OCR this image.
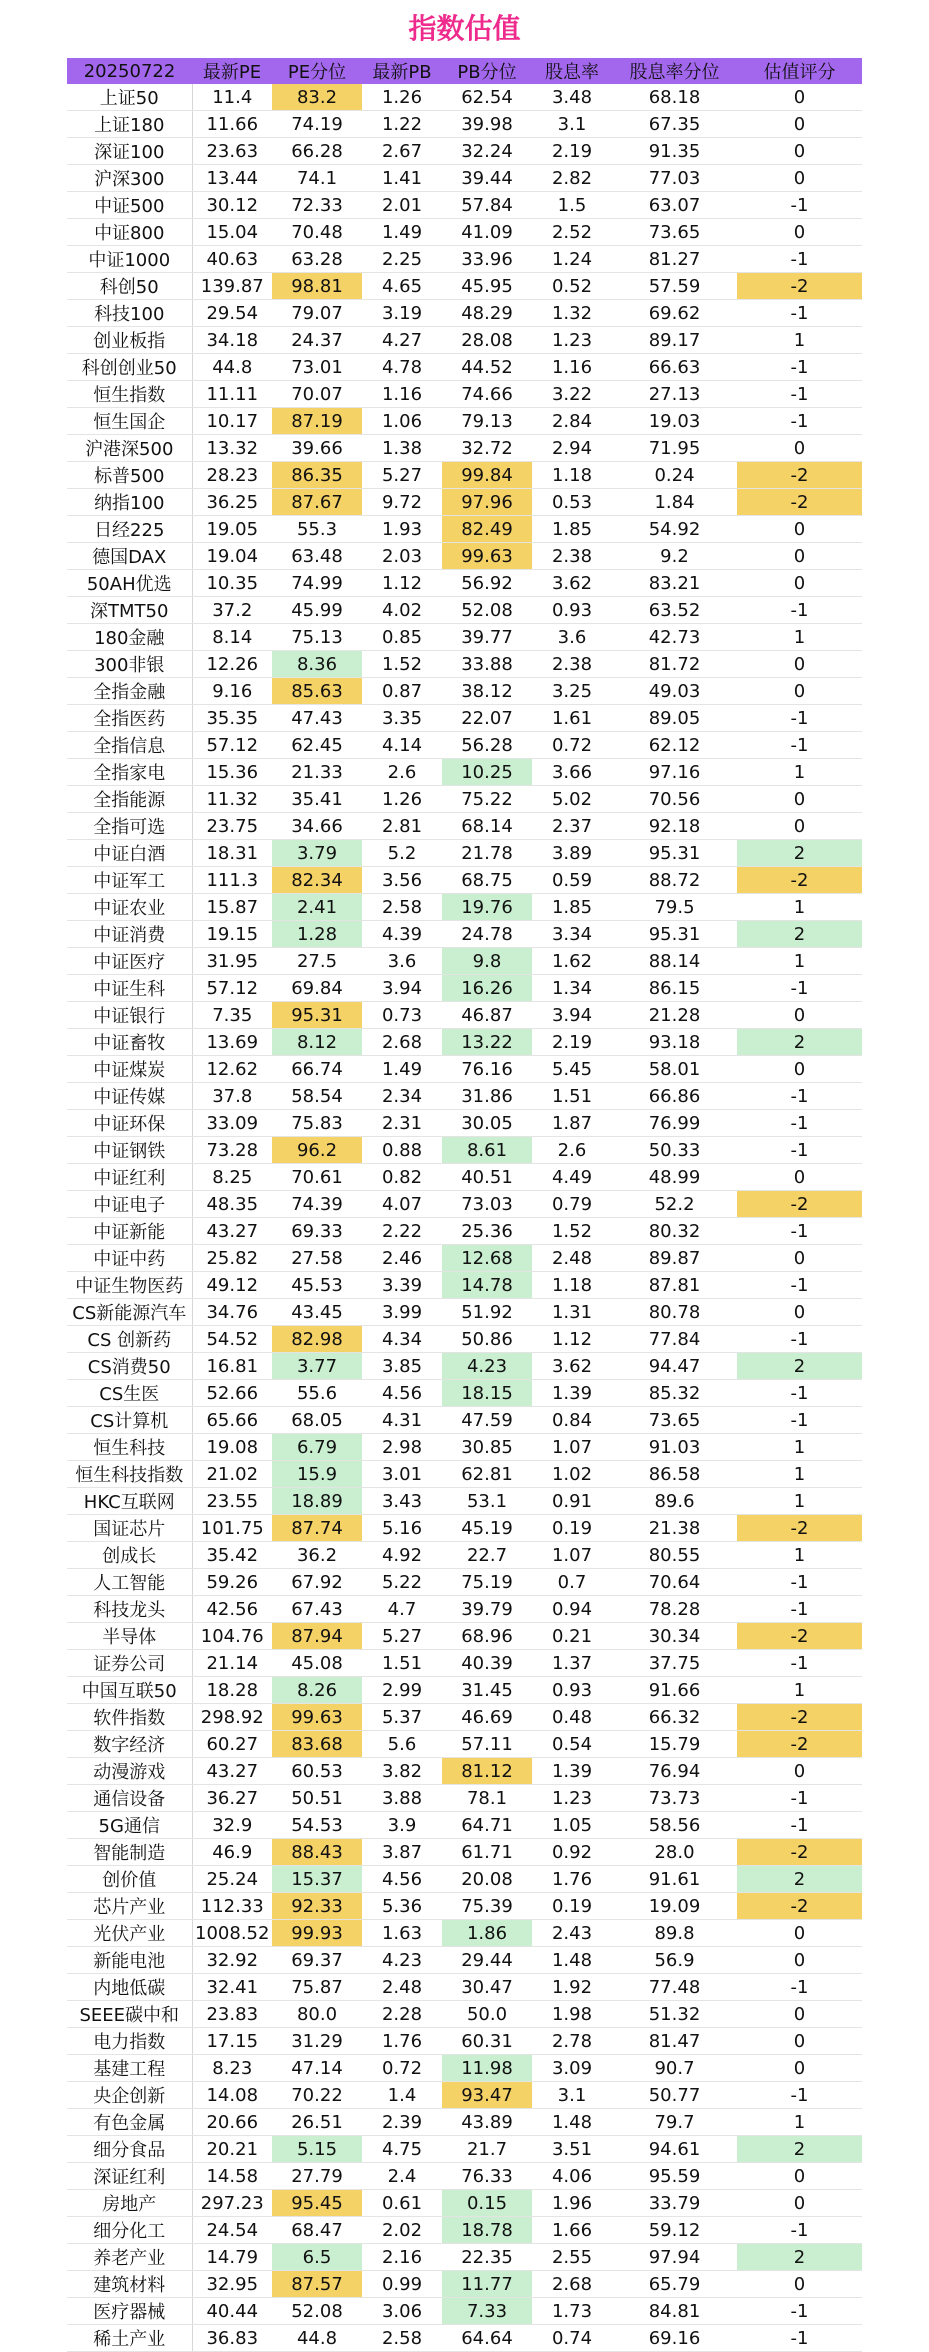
指数估值
20250722	最新PE	PE分位	最新PB	PB分位	股息率	股息率分位	估值评分
上证50	11.4	83.2	1.26	62.54	3.48	68.18	0
上证180	11.66	74.19	1.22	39.98	3.1	67.35	0
深证100	23.63	66.28	2.67	32.24	2.19	91.35	0
沪深300	13.44	74.1	1.41	39.44	2.82	77.03	0
中证500	30.12	72.33	2.01	57.84	1.5	63.07	-1
中证800	15.04	70.48	1.49	41.09	2.52	73.65	0
中证1000	40.63	63.28	2.25	33.96	1.24	81.27	-1
科创50	139.87	98.81	4.65	45.95	0.52	57.59	-2
科技100	29.54	79.07	3.19	48.29	1.32	69.62	-1
创业板指	34.18	24.37	4.27	28.08	1.23	89.17	1
科创创业50	44.8	73.01	4.78	44.52	1.16	66.63	-1
恒生指数	11.11	70.07	1.16	74.66	3.22	27.13	-1
恒生国企	10.17	87.19	1.06	79.13	2.84	19.03	-1
沪港深500	13.32	39.66	1.38	32.72	2.94	71.95	0
标普500	28.23	86.35	5.27	99.84	1.18	0.24	-2
纳指100	36.25	87.67	9.72	97.96	0.53	1.84	-2
日经225	19.05	55.3	1.93	82.49	1.85	54.92	0
德国DAX	19.04	63.48	2.03	99.63	2.38	9.2	0
50AH优选	10.35	74.99	1.12	56.92	3.62	83.21	0
深TMT50	37.2	45.99	4.02	52.08	0.93	63.52	-1
180金融	8.14	75.13	0.85	39.77	3.6	42.73	1
300非银	12.26	8.36	1.52	33.88	2.38	81.72	0
全指金融	9.16	85.63	0.87	38.12	3.25	49.03	0
全指医药	35.35	47.43	3.35	22.07	1.61	89.05	-1
全指信息	57.12	62.45	4.14	56.28	0.72	62.12	-1
全指家电	15.36	21.33	2.6	10.25	3.66	97.16	1
全指能源	11.32	35.41	1.26	75.22	5.02	70.56	0
全指可选	23.75	34.66	2.81	68.14	2.37	92.18	0
中证白酒	18.31	3.79	5.2	21.78	3.89	95.31	2
中证军工	111.3	82.34	3.56	68.75	0.59	88.72	-2
中证农业	15.87	2.41	2.58	19.76	1.85	79.5	1
中证消费	19.15	1.28	4.39	24.78	3.34	95.31	2
中证医疗	31.95	27.5	3.6	9.8	1.62	88.14	1
中证生科	57.12	69.84	3.94	16.26	1.34	86.15	-1
中证银行	7.35	95.31	0.73	46.87	3.94	21.28	0
中证畜牧	13.69	8.12	2.68	13.22	2.19	93.18	2
中证煤炭	12.62	66.74	1.49	76.16	5.45	58.01	0
中证传媒	37.8	58.54	2.34	31.86	1.51	66.86	-1
中证环保	33.09	75.83	2.31	30.05	1.87	76.99	-1
中证钢铁	73.28	96.2	0.88	8.61	2.6	50.33	-1
中证红利	8.25	70.61	0.82	40.51	4.49	48.99	0
中证电子	48.35	74.39	4.07	73.03	0.79	52.2	-2
中证新能	43.27	69.33	2.22	25.36	1.52	80.32	-1
中证中药	25.82	27.58	2.46	12.68	2.48	89.87	0
中证生物医药	49.12	45.53	3.39	14.78	1.18	87.81	-1
CS新能源汽车	34.76	43.45	3.99	51.92	1.31	80.78	0
CS 创新药	54.52	82.98	4.34	50.86	1.12	77.84	-1
CS消费50	16.81	3.77	3.85	4.23	3.62	94.47	2
CS生医	52.66	55.6	4.56	18.15	1.39	85.32	-1
CS计算机	65.66	68.05	4.31	47.59	0.84	73.65	-1
恒生科技	19.08	6.79	2.98	30.85	1.07	91.03	1
恒生科技指数	21.02	15.9	3.01	62.81	1.02	86.58	1
HKC互联网	23.55	18.89	3.43	53.1	0.91	89.6	1
国证芯片	101.75	87.74	5.16	45.19	0.19	21.38	-2
创成长	35.42	36.2	4.92	22.7	1.07	80.55	1
人工智能	59.26	67.92	5.22	75.19	0.7	70.64	-1
科技龙头	42.56	67.43	4.7	39.79	0.94	78.28	-1
半导体	104.76	87.94	5.27	68.96	0.21	30.34	-2
证券公司	21.14	45.08	1.51	40.39	1.37	37.75	-1
中国互联50	18.28	8.26	2.99	31.45	0.93	91.66	1
软件指数	298.92	99.63	5.37	46.69	0.48	66.32	-2
数字经济	60.27	83.68	5.6	57.11	0.54	15.79	-2
动漫游戏	43.27	60.53	3.82	81.12	1.39	76.94	0
通信设备	36.27	50.51	3.88	78.1	1.23	73.73	-1
5G通信	32.9	54.53	3.9	64.71	1.05	58.56	-1
智能制造	46.9	88.43	3.87	61.71	0.92	28.0	-2
创价值	25.24	15.37	4.56	20.08	1.76	91.61	2
芯片产业	112.33	92.33	5.36	75.39	0.19	19.09	-2
光伏产业	1008.52	99.93	1.63	1.86	2.43	89.8	0
新能电池	32.92	69.37	4.23	29.44	1.48	56.9	0
内地低碳	32.41	75.87	2.48	30.47	1.92	77.48	-1
SEEE碳中和	23.83	80.0	2.28	50.0	1.98	51.32	0
电力指数	17.15	31.29	1.76	60.31	2.78	81.47	0
基建工程	8.23	47.14	0.72	11.98	3.09	90.7	0
央企创新	14.08	70.22	1.4	93.47	3.1	50.77	-1
有色金属	20.66	26.51	2.39	43.89	1.48	79.7	1
细分食品	20.21	5.15	4.75	21.7	3.51	94.61	2
深证红利	14.58	27.79	2.4	76.33	4.06	95.59	0
房地产	297.23	95.45	0.61	0.15	1.96	33.79	0
细分化工	24.54	68.47	2.02	18.78	1.66	59.12	-1
养老产业	14.79	6.5	2.16	22.35	2.55	97.94	2
建筑材料	32.95	87.57	0.99	11.77	2.68	65.79	0
医疗器械	40.44	52.08	3.06	7.33	1.73	84.81	-1
稀土产业	36.83	44.8	2.58	64.64	0.74	69.16	-1
